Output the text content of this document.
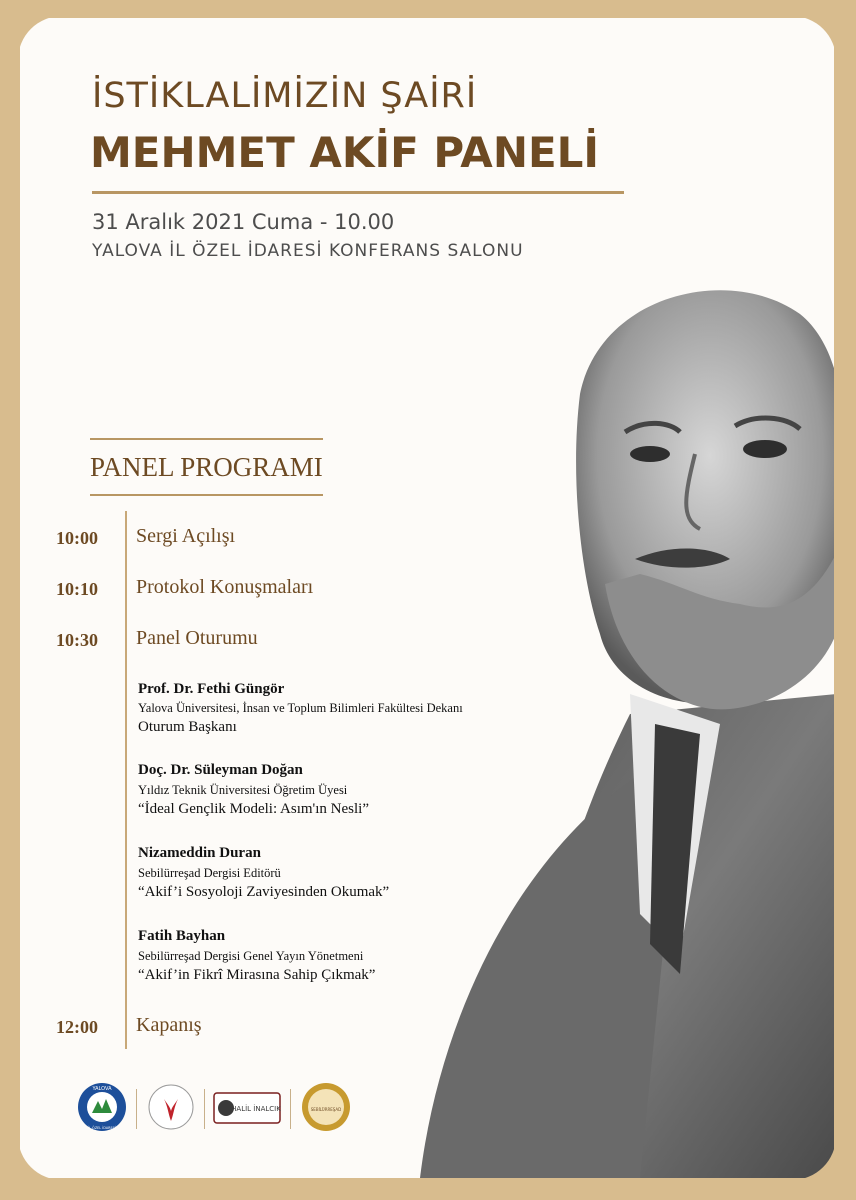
İSTİKLALİMİZİN ŞAİRİ
MEHMET AKİF PANELİ
31 Aralık 2021 Cuma - 10.00
YALOVA İL ÖZEL İDARESİ KONFERANS SALONU
PANEL PROGRAMI
10:00 Sergi Açılışı
10:10 Protokol Konuşmaları
10:30 Panel Oturumu
Prof. Dr. Fethi Güngör
Yalova Üniversitesi, İnsan ve Toplum Bilimleri Fakültesi Dekanı
Oturum Başkanı
Doç. Dr. Süleyman Doğan
Yıldız Teknik Üniversitesi Öğretim Üyesi
“İdeal Gençlik Modeli: Asım'ın Nesli”
Nizameddin Duran
Sebilürreşad Dergisi Editörü
“Akif’i Sosyoloji Zaviyesinden Okumak”
Fatih Bayhan
Sebilürreşad Dergisi Genel Yayın Yönetmeni
“Akif’in Fikrî Mirasına Sahip Çıkmak”
12:00 Kapanış
YALOVA
İL ÖZEL İDARESİ
HALİL İNALCIK	SEBİLÜRREŞAD
